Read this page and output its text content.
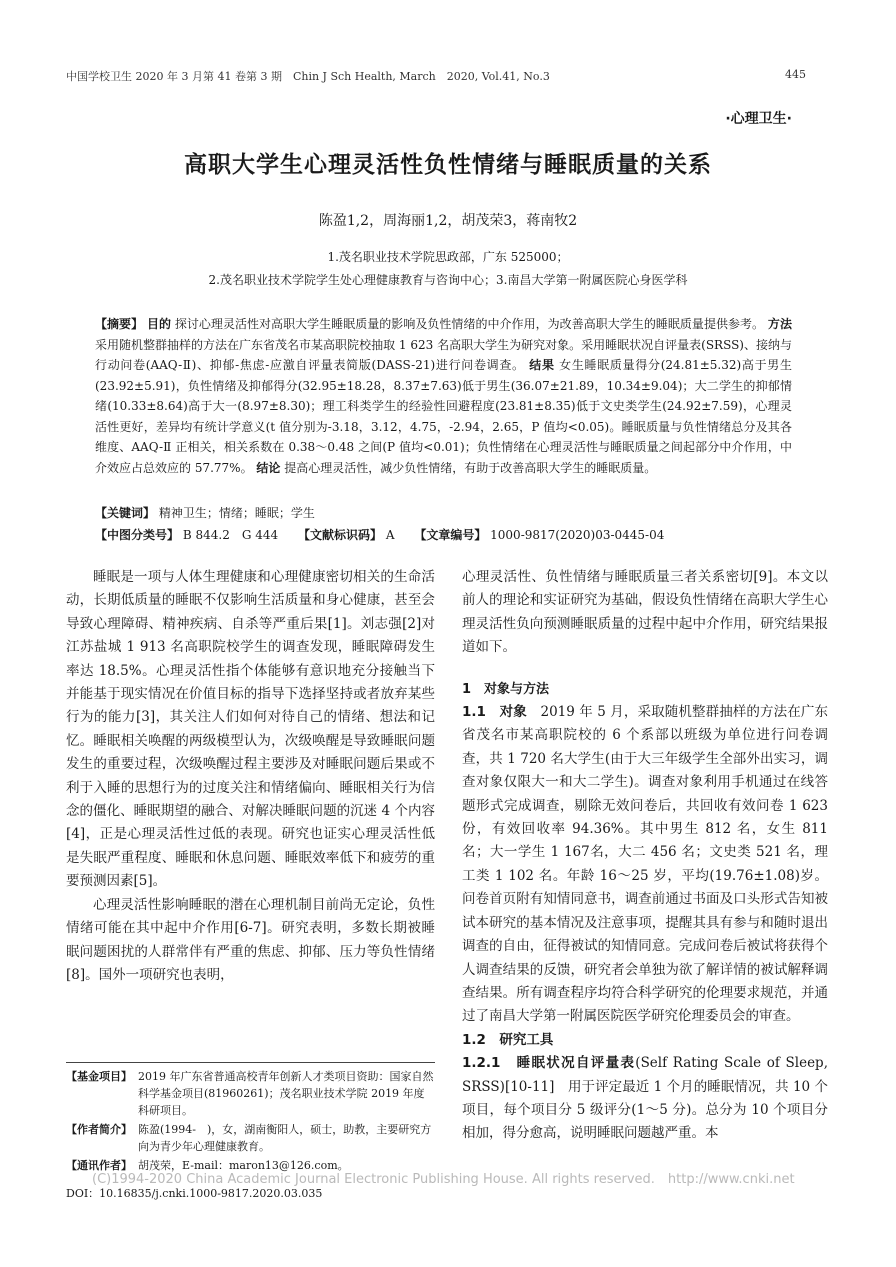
中国学校卫生 2020 年 3 月第 41 卷第 3 期　Chin J Sch Health, March　2020, Vol.41, No.3	445
·心理卫生·
高职大学生心理灵活性负性情绪与睡眠质量的关系
陈盈1,2，周海丽1,2，胡茂荣3，蒋南牧2
1.茂名职业技术学院思政部，广东 525000；
2.茂名职业技术学院学生处心理健康教育与咨询中心；3.南昌大学第一附属医院心身医学科
【摘要】 目的 探讨心理灵活性对高职大学生睡眠质量的影响及负性情绪的中介作用，为改善高职大学生的睡眠质量提供参考。 方法 采用随机整群抽样的方法在广东省茂名市某高职院校抽取 1 623 名高职大学生为研究对象。采用睡眠状况自评量表(SRSS)、接纳与行动问卷(AAQ-Ⅱ)、抑郁-焦虑-应激自评量表简版(DASS-21)进行问卷调查。 结果 女生睡眠质量得分(24.81±5.32)高于男生(23.92±5.91)，负性情绪及抑郁得分(32.95±18.28，8.37±7.63)低于男生(36.07±21.89，10.34±9.04)；大二学生的抑郁情绪(10.33±8.64)高于大一(8.97±8.30)；理工科类学生的经验性回避程度(23.81±8.35)低于文史类学生(24.92±7.59)，心理灵活性更好，差异均有统计学意义(t 值分别为-3.18，3.12，4.75，-2.94，2.65，P 值均<0.05)。睡眠质量与负性情绪总分及其各维度、AAQ-Ⅱ 正相关，相关系数在 0.38～0.48 之间(P 值均<0.01)；负性情绪在心理灵活性与睡眠质量之间起部分中介作用，中介效应占总效应的 57.77%。 结论 提高心理灵活性，减少负性情绪，有助于改善高职大学生的睡眠质量。
【关键词】 精神卫生；情绪；睡眠；学生
【中图分类号】 B 844.2　G 444 【文献标识码】 A 【文章编号】 1000-9817(2020)03-0445-04

睡眠是一项与人体生理健康和心理健康密切相关的生命活动，长期低质量的睡眠不仅影响生活质量和身心健康，甚至会导致心理障碍、精神疾病、自杀等严重后果[1]。刘志强[2]对江苏盐城 1 913 名高职院校学生的调查发现，睡眠障碍发生率达 18.5%。心理灵活性指个体能够有意识地充分接触当下并能基于现实情况在价值目标的指导下选择坚持或者放弃某些行为的能力[3]，其关注人们如何对待自己的情绪、想法和记忆。睡眠相关唤醒的两级模型认为，次级唤醒是导致睡眠问题发生的重要过程，次级唤醒过程主要涉及对睡眠问题后果或不利于入睡的思想行为的过度关注和情绪偏向、睡眠相关行为信念的僵化、睡眠期望的融合、对解决睡眠问题的沉迷 4 个内容[4]，正是心理灵活性过低的表现。研究也证实心理灵活性低是失眠严重程度、睡眠和休息问题、睡眠效率低下和疲劳的重要预测因素[5]。

心理灵活性影响睡眠的潜在心理机制目前尚无定论，负性情绪可能在其中起中介作用[6-7]。研究表明，多数长期被睡眠问题困扰的人群常伴有严重的焦虑、抑郁、压力等负性情绪[8]。国外一项研究也表明，

心理灵活性、负性情绪与睡眠质量三者关系密切[9]。本文以前人的理论和实证研究为基础，假设负性情绪在高职大学生心理灵活性负向预测睡眠质量的过程中起中介作用，研究结果报道如下。

1　对象与方法

1.1　对象　 2019 年 5 月，采取随机整群抽样的方法在广东省茂名市某高职院校的 6 个系部以班级为单位进行问卷调查，共 1 720 名大学生(由于大三年级学生全部外出实习，调查对象仅限大一和大二学生)。调查对象利用手机通过在线答题形式完成调查，剔除无效问卷后，共回收有效问卷 1 623 份，有效回收率 94.36%。其中男生 812 名，女生 811 名；大一学生 1 167名，大二 456 名；文史类 521 名，理工类 1 102 名。年龄 16～25 岁，平均(19.76±1.08)岁。问卷首页附有知情同意书，调查前通过书面及口头形式告知被试本研究的基本情况及注意事项，提醒其具有参与和随时退出调查的自由，征得被试的知情同意。完成问卷后被试将获得个人调查结果的反馈，研究者会单独为欲了解详情的被试解释调查结果。所有调查程序均符合科学研究的伦理要求规范，并通过了南昌大学第一附属医院医学研究伦理委员会的审查。

1.2　研究工具

1.2.1　睡眠状况自评量表(Self Rating Scale of Sleep, SRSS)[10-11]　用于评定最近 1 个月的睡眠情况，共 10 个项目，每个项目分 5 级评分(1～5 分)。总分为 10 个项目分相加，得分愈高，说明睡眠问题越严重。本

【基金项目】 2019 年广东省普通高校青年创新人才类项目资助：国家自然科学基金项目(81960261)；茂名职业技术学院 2019 年度科研项目。
【作者简介】 陈盈(1994-　)，女，湖南衡阳人，硕士，助教，主要研究方向为青少年心理健康教育。
【通讯作者】 胡茂荣，E-mail：maron13@126.com。
(C)1994-2020 China Academic Journal Electronic Publishing House. All rights reserved.　http://www.cnki.net
DOI：10.16835/j.cnki.1000-9817.2020.03.035
